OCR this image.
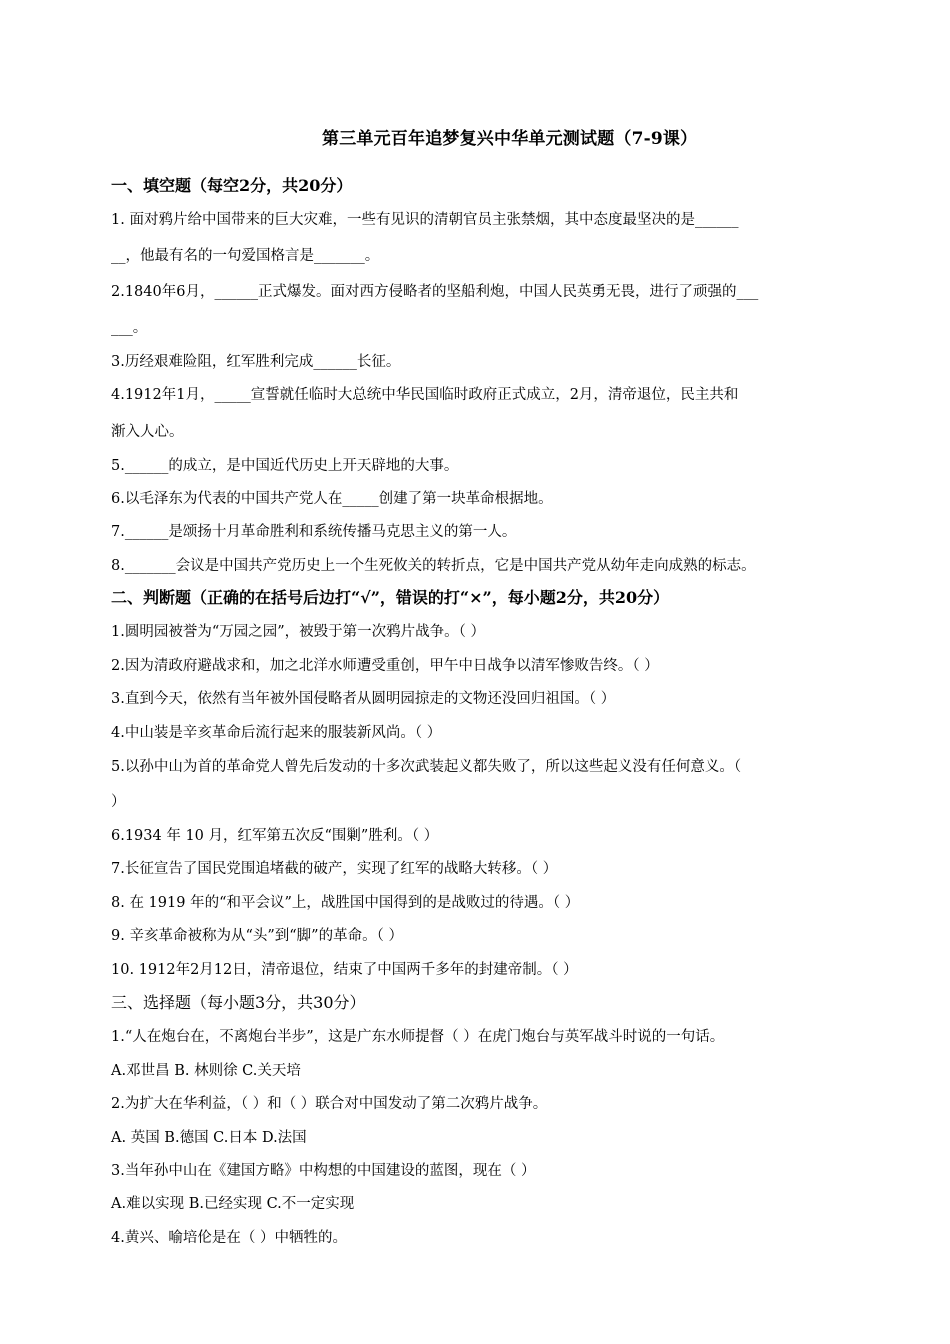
第三单元百年追梦复兴中华单元测试题（7-9课）
一、填空题（每空2分，共20分）
1. 面对鸦片给中国带来的巨大灾难，一些有见识的清朝官员主张禁烟，其中态度最坚决的是______
__，他最有名的一句爱国格言是_______。
2.1840年6月，______正式爆发。面对西方侵略者的坚船利炮，中国人民英勇无畏，进行了顽强的___
___。
3.历经艰难险阻，红军胜利完成______长征。
4.1912年1月，_____宣誓就任临时大总统中华民国临时政府正式成立，2月，清帝退位，民主共和
渐入人心。
5.______的成立，是中国近代历史上开天辟地的大事。
6.以毛泽东为代表的中国共产党人在_____创建了第一块革命根据地。
7.______是颂扬十月革命胜利和系统传播马克思主义的第一人。
8._______会议是中国共产党历史上一个生死攸关的转折点，它是中国共产党从幼年走向成熟的标志。
二、判断题（正确的在括号后边打“√”，错误的打“×”，每小题2分，共20分）
1.圆明园被誉为“万园之园”，被毁于第一次鸦片战争。（ ）
2.因为清政府避战求和，加之北洋水师遭受重创，甲午中日战争以清军惨败告终。（ ）
3.直到今天，依然有当年被外国侵略者从圆明园掠走的文物还没回归祖国。（ ）
4.中山装是辛亥革命后流行起来的服装新风尚。（ ）
5.以孙中山为首的革命党人曾先后发动的十多次武装起义都失败了，所以这些起义没有任何意义。（
）
6.1934 年 10 月，红军第五次反“围剿”胜利。（ ）
7.长征宣告了国民党围追堵截的破产，实现了红军的战略大转移。（ ）
8. 在 1919 年的“和平会议”上，战胜国中国得到的是战败过的待遇。（ ）
9. 辛亥革命被称为从“头”到“脚”的革命。（ ）
10. 1912年2月12日，清帝退位，结束了中国两千多年的封建帝制。（ ）
三、选择题（每小题3分，共30分）
1.“人在炮台在，不离炮台半步”，这是广东水师提督（ ）在虎门炮台与英军战斗时说的一句话。
A.邓世昌 B. 林则徐 C.关天培
2.为扩大在华利益，（ ）和（ ）联合对中国发动了第二次鸦片战争。
A. 英国 B.德国 C.日本 D.法国
3.当年孙中山在《建国方略》中构想的中国建设的蓝图，现在（ ）
A.难以实现 B.已经实现 C.不一定实现
4.黄兴、喻培伦是在（ ）中牺牲的。
